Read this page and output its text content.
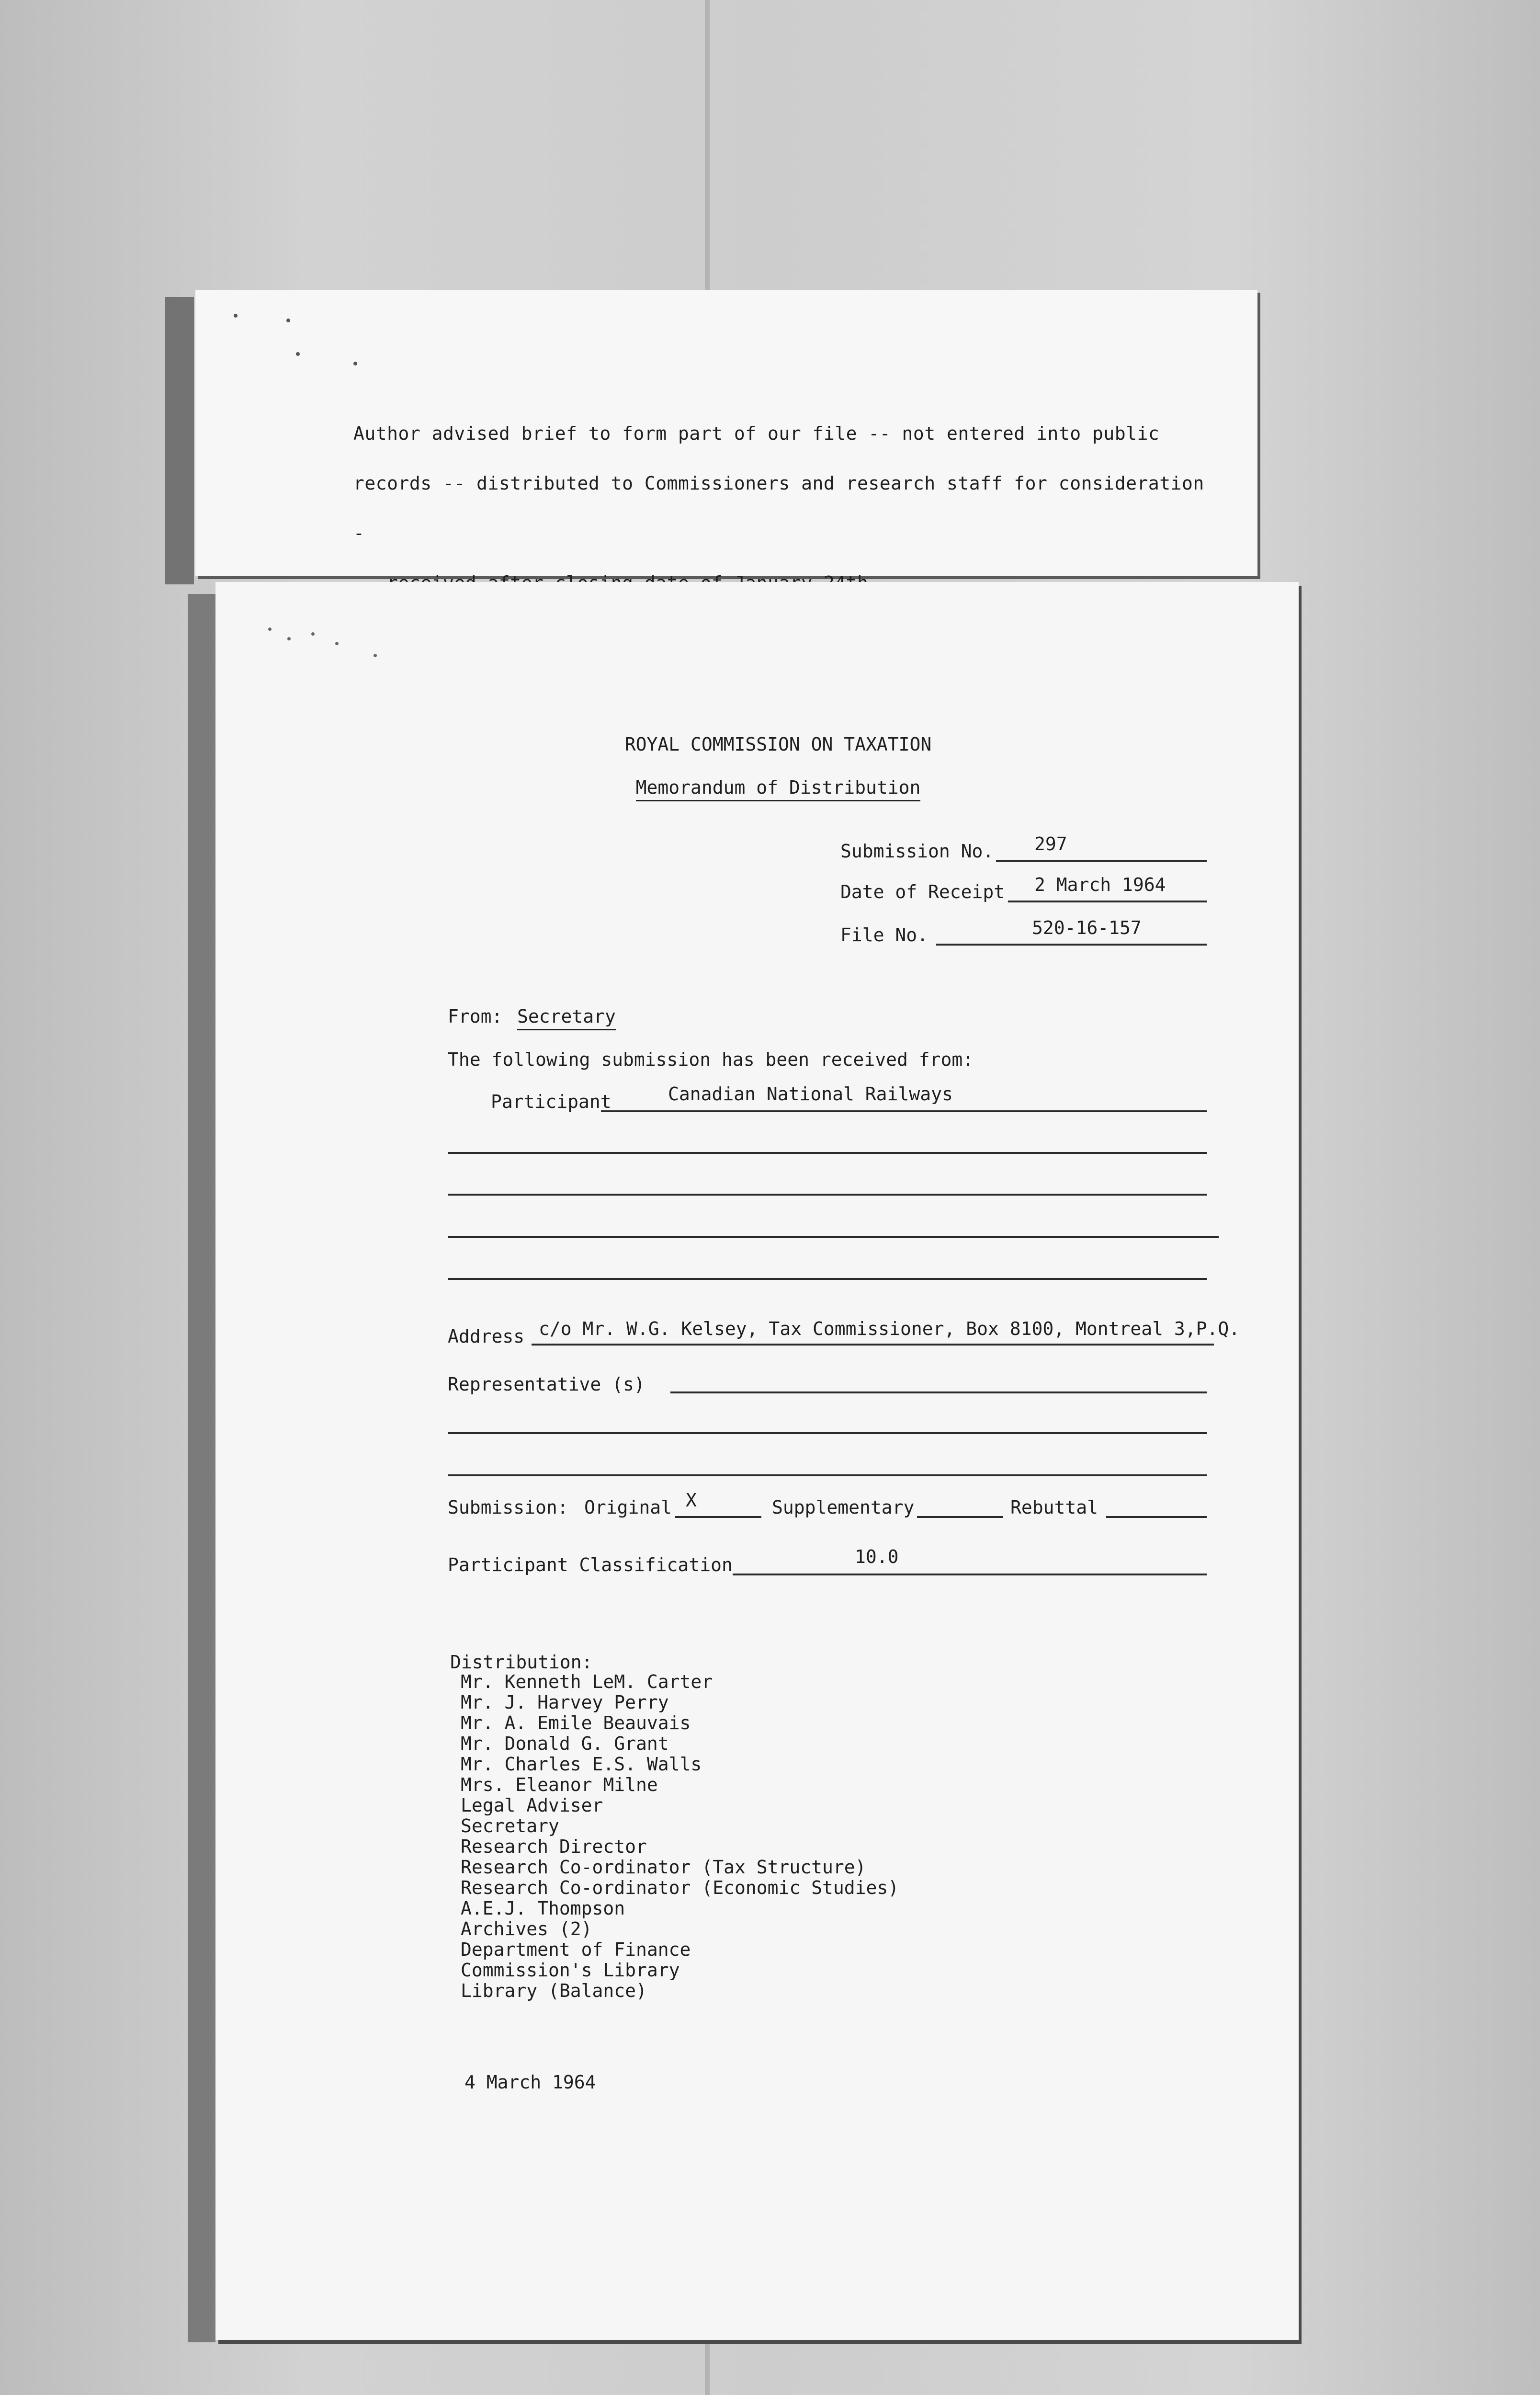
Author advised brief to form part of our file -- not entered into public
records -- distributed to Commissioners and research staff for consideration -
ROYAL COMMISSION ON TAXATION
Memorandum of Distribution
Submission No. 297
Date of Receipt 2 March 1964
File No.	520-16-157
From: Secretary
The following submission has been received from:
Participant	Canadian National Railways
Address c/o Mr. W.G. Kelsey, Tax Commissioner, Box 8100, Montreal 3,P.Q.
Representative (s)
Submission: Original X	Supplementary	Rebuttal
Participant Classification	10.0
Distribution:
Mr. Kenneth LeM. Carter
Mr. J. Harvey Perry
Mr. A. Emile Beauvais
Mr. Donald G. Grant
Mr. Charles E.S. Walls
Mrs. Eleanor Milne
Legal Adviser
Secretary
Research Director
Research Co-ordinator (Tax Structure)
Research Co-ordinator (Economic Studies)
A.E.J. Thompson
Archives (2)
Department of Finance
Commission's Library
Library (Balance)
4 March 1964
